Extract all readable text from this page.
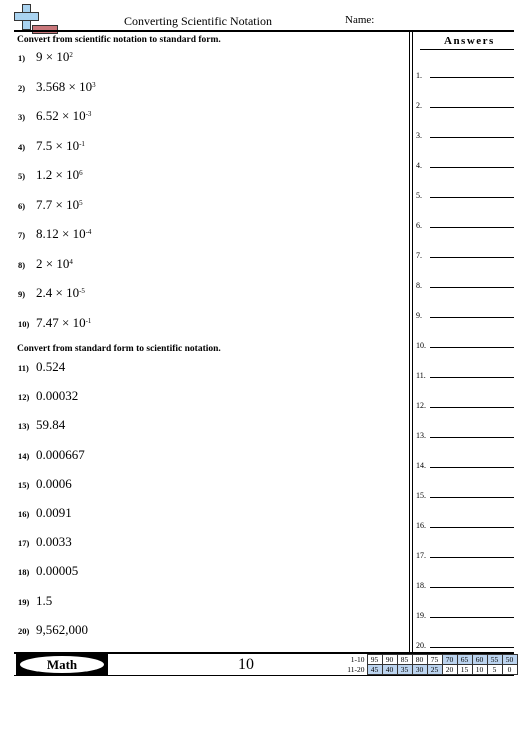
Converting Scientific Notation	Name:
Convert from scientific notation to standard form.
1) $9 \times 10^2$
2) $3.568 \times 10^3$
3) $6.52 \times 10^{-3}$
4) $7.5 \times 10^{-1}$
5) $1.2 \times 10^6$
6) $7.7 \times 10^5$
7) $8.12 \times 10^{-4}$
8) $2 \times 10^4$
9) $2.4 \times 10^{-5}$
10) $7.47 \times 10^{-1}$
Convert from standard form to scientific notation.
11) 0.524
12) 0.00032
13) 59.84
14) 0.000667
15) 0.0006
16) 0.0091
17) 0.0033
18) 0.00005
19) 1.5
20) 9,562,000
Answers
1.
2.
3.
4.
5.
6.
7.
8.
9.
10.
11.
12.
13.
14.
15.
16.
17.
18.
19.
20.
Math	10	1-10	95	90	85	80	75	70	65	60	55	50
11-20	45	40	35	30	25	20	15	10	5	0
